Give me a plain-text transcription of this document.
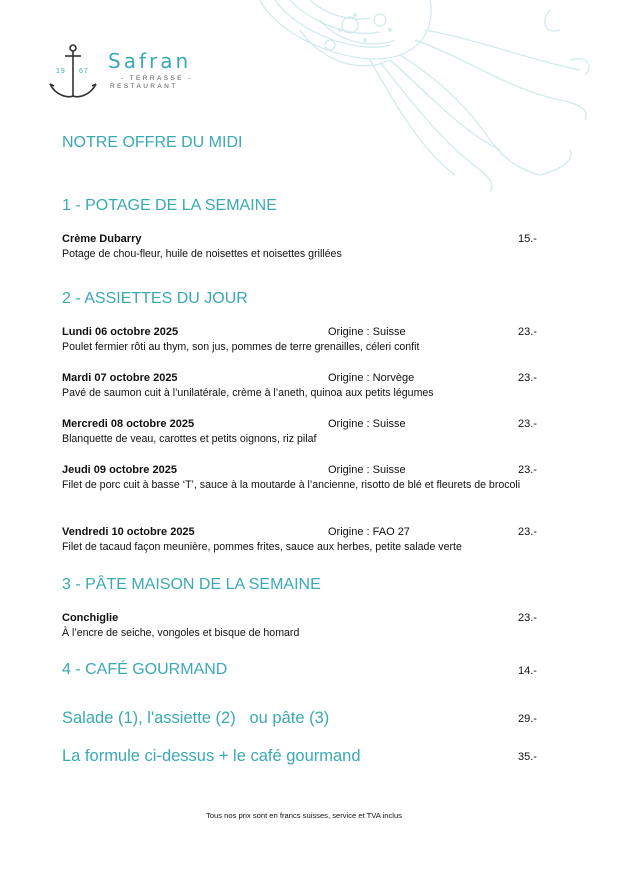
19 67 Safran
- TERRASSE -
RESTAURANT
NOTRE OFFRE DU MIDI
1 - POTAGE DE LA SEMAINE
Crème Dubarry	15.-
Potage de chou-fleur, huile de noisettes et noisettes grillées
2 - ASSIETTES DU JOUR
Lundi 06 octobre 2025	Origine : Suisse	23.-
Poulet fermier rôti au thym, son jus, pommes de terre grenailles, céleri confit
Mardi 07 octobre 2025	Origine : Norvège	23.-
Pavé de saumon cuit à l’unilatérale, crème à l’aneth, quinoa aux petits légumes
Mercredi 08 octobre 2025	Origine : Suisse	23.-
Blanquette de veau, carottes et petits oignons, riz pilaf
Jeudi 09 octobre 2025	Origine : Suisse	23.-
Filet de porc cuit à basse ‘T’, sauce à la moutarde à l’ancienne, risotto de blé et fleurets de brocoli
Vendredi 10 octobre 2025	Origine : FAO 27	23.-
Filet de tacaud façon meunière, pommes frites, sauce aux herbes, petite salade verte
3 - PÂTE MAISON DE LA SEMAINE
Conchiglie	23.-
À l’encre de seiche, vongoles et bisque de homard
4 - CAFÉ GOURMAND	14.-
Salade (1), l'assiette (2)   ou pâte (3)	29.-
La formule ci-dessus + le café gourmand	35.-
Tous nos prix sont en francs suisses, service et TVA inclus
